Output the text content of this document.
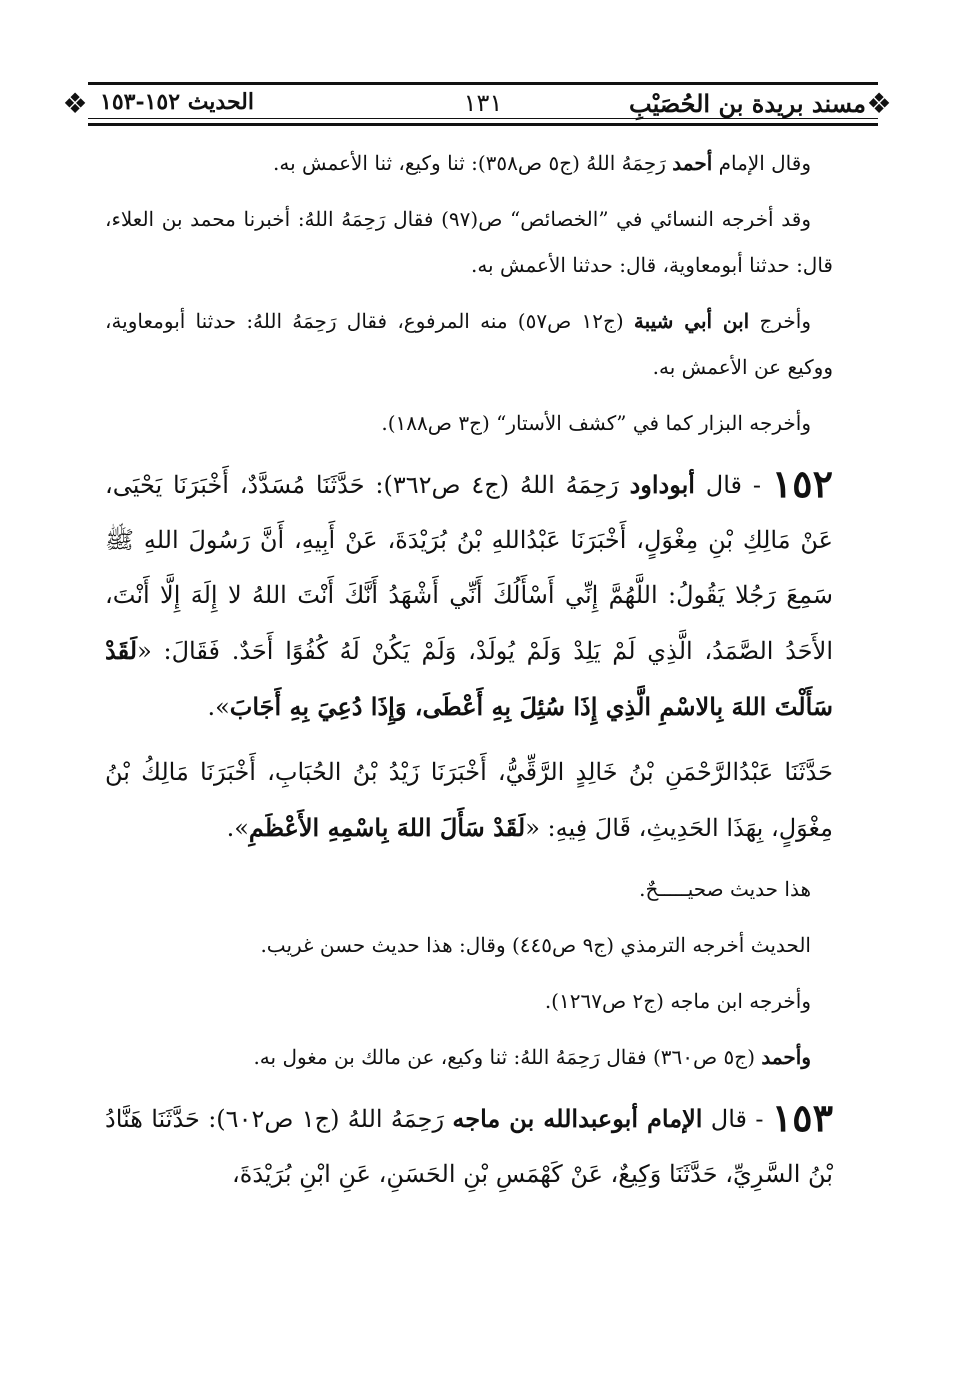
مسند بريدة بن الحُصَيْبِ
١٣١
الحديث ١٥٢-١٥٣	❖
❖

وقال الإمام أحمد رَحِمَهُ اللهُ (ج٥ ص٣٥٨): ثنا وكيع، ثنا الأعمش به.

وقد أخرجه النسائي في ”الخصائص“ ص(٩٧) فقال رَحِمَهُ اللهُ: أخبرنا محمد بن العلاء، قال: حدثنا أبومعاوية، قال: حدثنا الأعمش به.

وأخرج ابن أبي شيبة (ج١٢ ص٥٧) منه المرفوع، فقال رَحِمَهُ اللهُ: حدثنا أبومعاوية، ووكيع عن الأعمش به.

وأخرجه البزار كما في ”كشف الأستار“ (ج٣ ص١٨٨).

١٥٢ - قال أبوداود رَحِمَهُ اللهُ (ج٤ ص٣٦٢): حَدَّثَنَا مُسَدَّدٌ، أَخْبَرَنَا يَحْيَى، عَنْ مَالِكِ بْنِ مِغْوَلٍ، أَخْبَرَنَا عَبْدُاللهِ بْنُ بُرَيْدَةَ، عَنْ أَبِيهِ، أَنَّ رَسُولَ اللهِ ﷺ سَمِعَ رَجُلا يَقُولُ: اللَّهُمَّ إِنِّي أَسْأَلُكَ أَنِّي أَشْهَدُ أَنَّكَ أَنْتَ اللهُ لا إِلَهَ إِلَّا أَنْتَ، الأَحَدُ الصَّمَدُ، الَّذِي لَمْ يَلِدْ وَلَمْ يُولَدْ، وَلَمْ يَكُنْ لَهُ كُفُوًا أَحَدٌ. فَقَالَ: «لَقَدْ سَأَلْتَ اللهَ بِالاسْمِ الَّذِي إِذَا سُئِلَ بِهِ أَعْطَى، وَإِذَا دُعِيَ بِهِ أَجَابَ».

حَدَّثَنَا عَبْدُالرَّحْمَنِ بْنُ خَالِدٍ الرَّقِّيُّ، أَخْبَرَنَا زَيْدُ بْنُ الحُبَابِ، أَخْبَرَنَا مَالِكُ بْنُ مِغْوَلٍ، بِهَذَا الحَدِيثِ، قَالَ فِيهِ: «لَقَدْ سَأَلَ اللهَ بِاسْمِهِ الأَعْظَمِ».

هذا حديث صحيـــــحٌ.

الحديث أخرجه الترمذي (ج٩ ص٤٤٥) وقال: هذا حديث حسن غريب.

وأخرجه ابن ماجه (ج٢ ص١٢٦٧).

وأحمد (ج٥ ص٣٦٠) فقال رَحِمَهُ اللهُ: ثنا وكيع، عن مالك بن مغول به.

١٥٣ - قال الإمام أبوعبدالله بن ماجه رَحِمَهُ اللهُ (ج١ ص٦٠٢): حَدَّثَنَا هَنَّادُ بْنُ السَّرِيِّ، حَدَّثَنَا وَكِيعٌ، عَنْ كَهْمَسِ بْنِ الحَسَنِ، عَنِ ابْنِ بُرَيْدَةَ،
